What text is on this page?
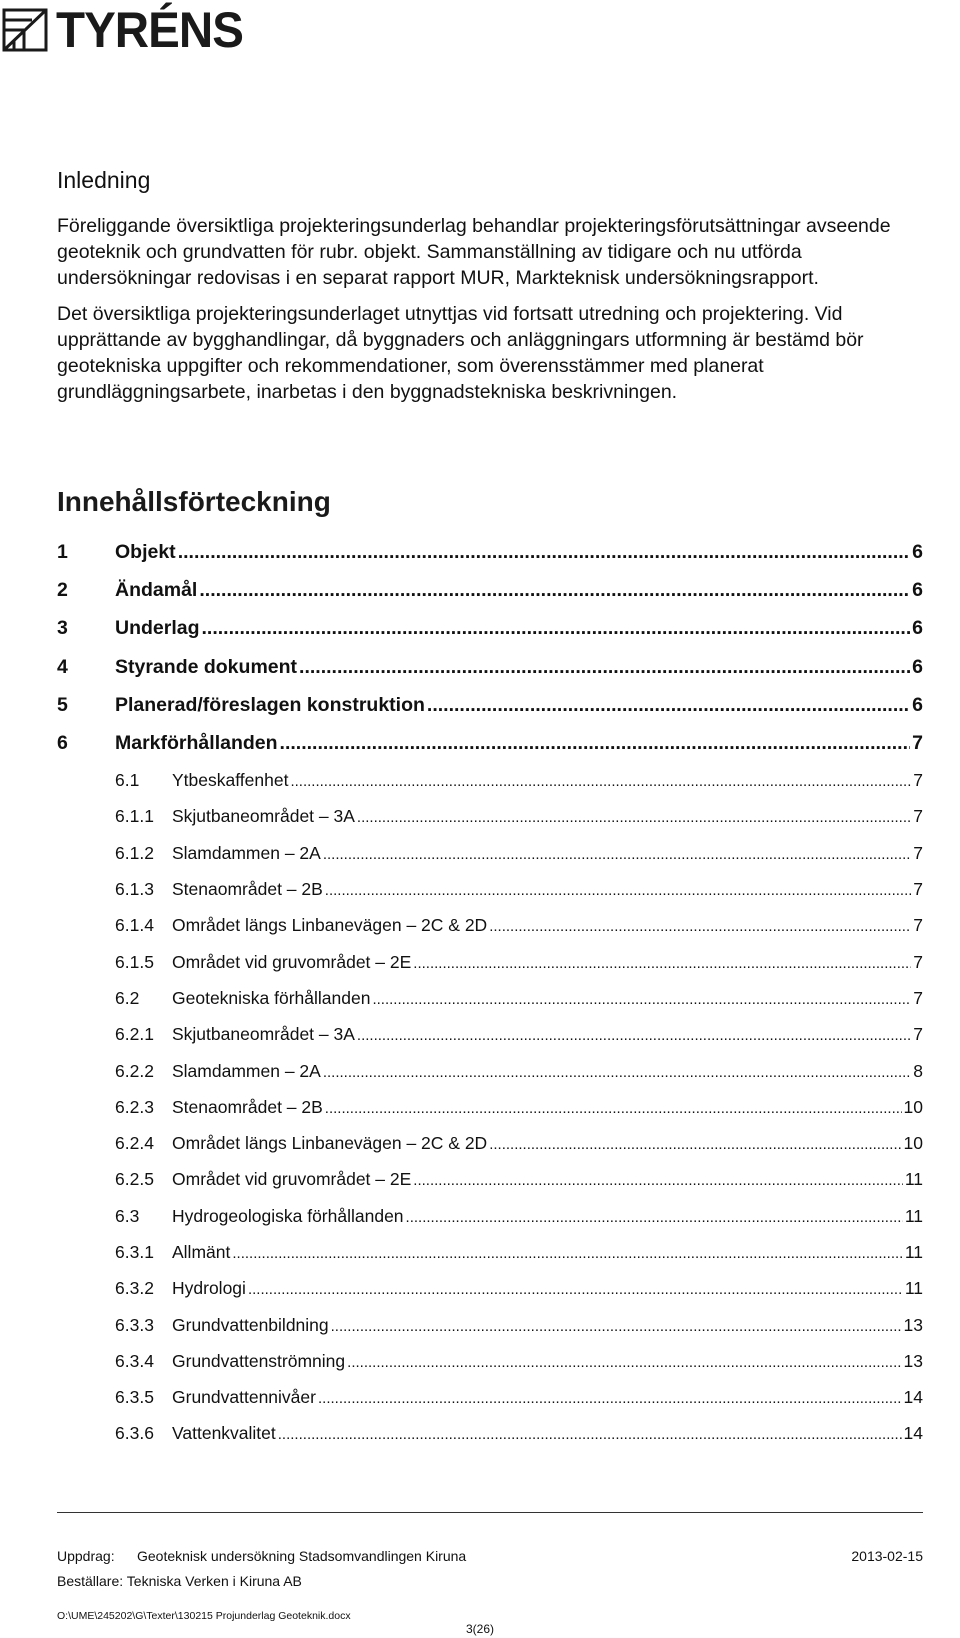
TYRÉNS
Inledning

Föreliggande översiktliga projekteringsunderlag behandlar projekteringsförutsättningar avseende geoteknik och grundvatten för rubr. objekt. Sammanställning av tidigare och nu utförda undersökningar redovisas i en separat rapport MUR, Markteknisk undersökningsrapport.

Det översiktliga projekteringsunderlaget utnyttjas vid fortsatt utredning och projektering. Vid upprättande av bygghandlingar, då byggnaders och anläggningars utformning är bestämd bör geotekniska uppgifter och rekommendationer, som överensstämmer med planerat grundläggningsarbete, inarbetas i den byggnadstekniska beskrivningen.

Innehållsförteckning
1	Objekt .....	6
2	Ändamål .....	6
3	Underlag .....	6
4	Styrande dokument .....	6
5	Planerad/föreslagen konstruktion .....	6
6	Markförhållanden .....	7
6.1	Ytbeskaffenhet .....	7
6.1.1	Skjutbaneområdet – 3A .....	7
6.1.2	Slamdammen – 2A .....	7
6.1.3	Stenaområdet – 2B .....	7
6.1.4	Området längs Linbanevägen – 2C & 2D .....	7
6.1.5	Området vid gruvområdet – 2E .....	7
6.2	Geotekniska förhållanden .....	7
6.2.1	Skjutbaneområdet – 3A .....	7
6.2.2	Slamdammen – 2A .....	8
6.2.3	Stenaområdet – 2B .....	10
6.2.4	Området längs Linbanevägen – 2C & 2D .....	10
6.2.5	Området vid gruvområdet – 2E .....	11
6.3	Hydrogeologiska förhållanden .....	11
6.3.1	Allmänt .....	11
6.3.2	Hydrologi .....	11
6.3.3	Grundvattenbildning .....	13
6.3.4	Grundvattenströmning .....	13
6.3.5	Grundvattennivåer .....	14
6.3.6	Vattenkvalitet .....	14
Uppdrag: Geoteknisk undersökning Stadsomvandlingen Kiruna	2013-02-15
Beställare: Tekniska Verken i Kiruna AB
O:\UME\245202\G\Texter\130215 Projunderlag Geoteknik.docx
3(26)
